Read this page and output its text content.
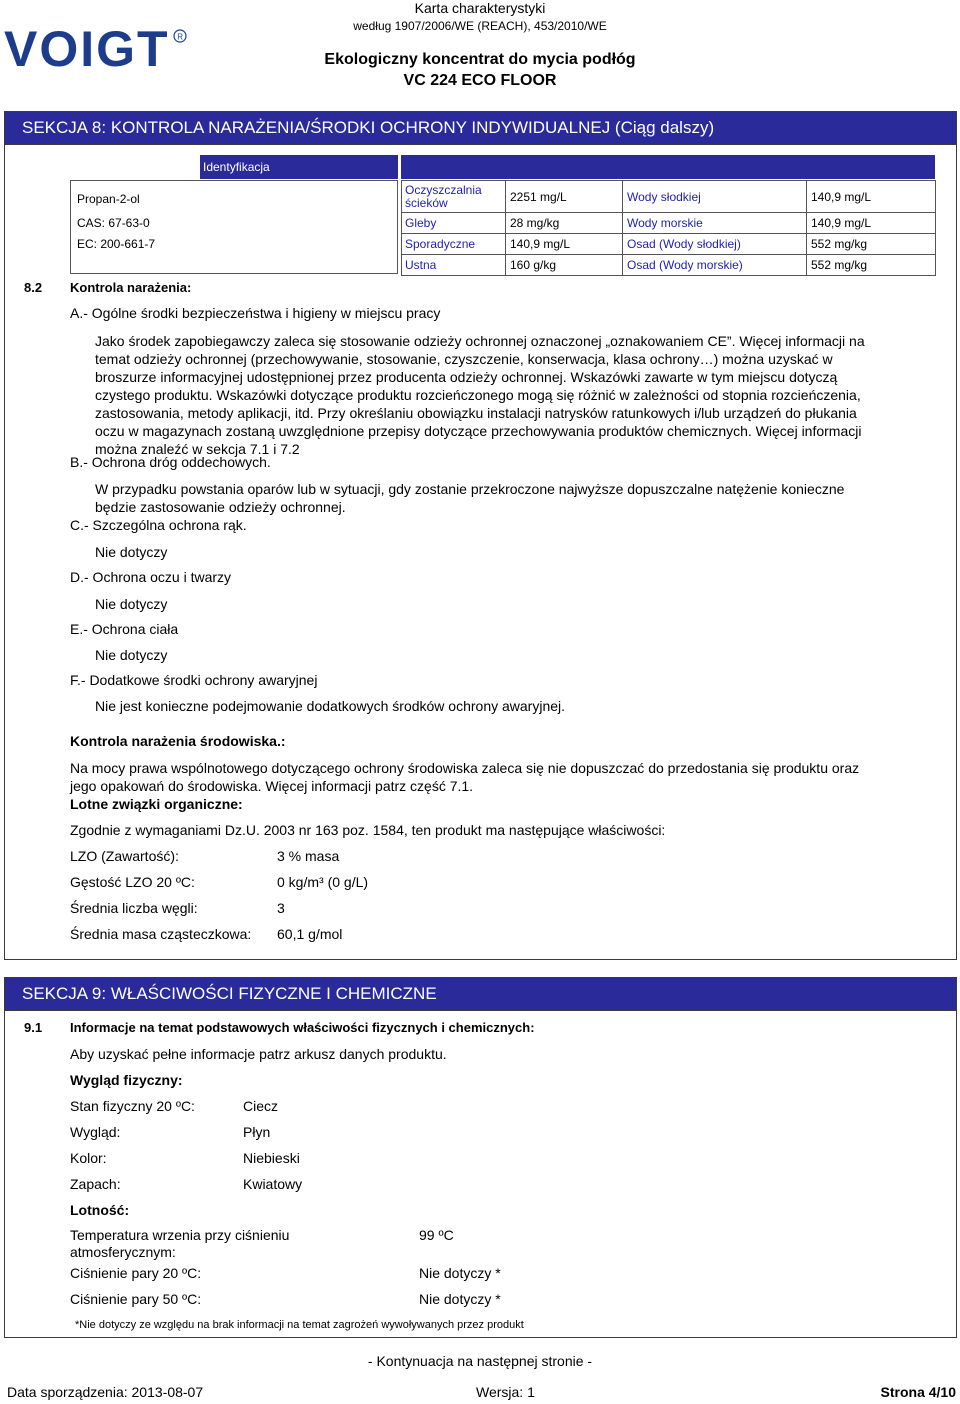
VOIGT R
Karta charakterystyki
według 1907/2006/WE (REACH), 453/2010/WE
Ekologiczny koncentrat do mycia podłóg
VC 224 ECO FLOOR
SEKCJA 8: KONTROLA NARAŻENIA/ŚRODKI OCHRONY INDYWIDUALNEJ (Ciąg dalszy)
Identyfikacja
Propan-2-ol
CAS: 67-63-0
EC: 200-661-7
Oczyszczalnia ścieków	2251 mg/L	Wody słodkiej	140,9 mg/L
Gleby	28 mg/kg	Wody morskie	140,9 mg/L
Sporadyczne	140,9 mg/L	Osad (Wody słodkiej)	552 mg/kg
Ustna	160 g/kg	Osad (Wody morskie)	552 mg/kg
8.2 Kontrola narażenia:
A.- Ogólne środki bezpieczeństwa i higieny w miejscu pracy
Jako środek zapobiegawczy zaleca się stosowanie odzieży ochronnej oznaczonej „oznakowaniem CE”. Więcej informacji na
temat odzieży ochronnej (przechowywanie, stosowanie, czyszczenie, konserwacja, klasa ochrony…) można uzyskać w
broszurze informacyjnej udostępnionej przez producenta odzieży ochronnej. Wskazówki zawarte w tym miejscu dotyczą
czystego produktu. Wskazówki dotyczące produktu rozcieńczonego mogą się różnić w zależności od stopnia rozcieńczenia,
zastosowania, metody aplikacji, itd. Przy określaniu obowiązku instalacji natrysków ratunkowych i/lub urządzeń do płukania
oczu w magazynach zostaną uwzględnione przepisy dotyczące przechowywania produktów chemicznych. Więcej informacji
można znaleźć w sekcja 7.1 i 7.2
B.- Ochrona dróg oddechowych.
W przypadku powstania oparów lub w sytuacji, gdy zostanie przekroczone najwyższe dopuszczalne natężenie konieczne
będzie zastosowanie odzieży ochronnej.
C.- Szczególna ochrona rąk.
Nie dotyczy
D.- Ochrona oczu i twarzy
Nie dotyczy
E.- Ochrona ciała
Nie dotyczy
F.- Dodatkowe środki ochrony awaryjnej
Nie jest konieczne podejmowanie dodatkowych środków ochrony awaryjnej.
Kontrola narażenia środowiska.:
Na mocy prawa wspólnotowego dotyczącego ochrony środowiska zaleca się nie dopuszczać do przedostania się produktu oraz
jego opakowań do środowiska. Więcej informacji patrz część 7.1.
Lotne związki organiczne:
Zgodnie z wymaganiami Dz.U. 2003 nr 163 poz. 1584, ten produkt ma następujące właściwości:
LZO (Zawartość):	3 % masa
Gęstość LZO 20 ºC:	0 kg/m³ (0 g/L)
Średnia liczba węgli:	3
Średnia masa cząsteczkowa: 60,1 g/mol
SEKCJA 9: WŁAŚCIWOŚCI FIZYCZNE I CHEMICZNE
9.1 Informacje na temat podstawowych właściwości fizycznych i chemicznych:
Aby uzyskać pełne informacje patrz arkusz danych produktu.
Wygląd fizyczny:
Stan fizyczny 20 ºC:	Ciecz
Wygląd:	Płyn
Kolor:	Niebieski
Zapach:	Kwiatowy
Lotność:
Temperatura wrzenia przy ciśnieniu
atmosferycznym:
99 ºC
Ciśnienie pary 20 ºC:	Nie dotyczy *
Ciśnienie pary 50 ºC:	Nie dotyczy *
*Nie dotyczy ze względu na brak informacji na temat zagrożeń wywoływanych przez produkt
- Kontynuacja na następnej stronie -
Data sporządzenia: 2013-08-07	Wersja: 1	Strona 4/10
